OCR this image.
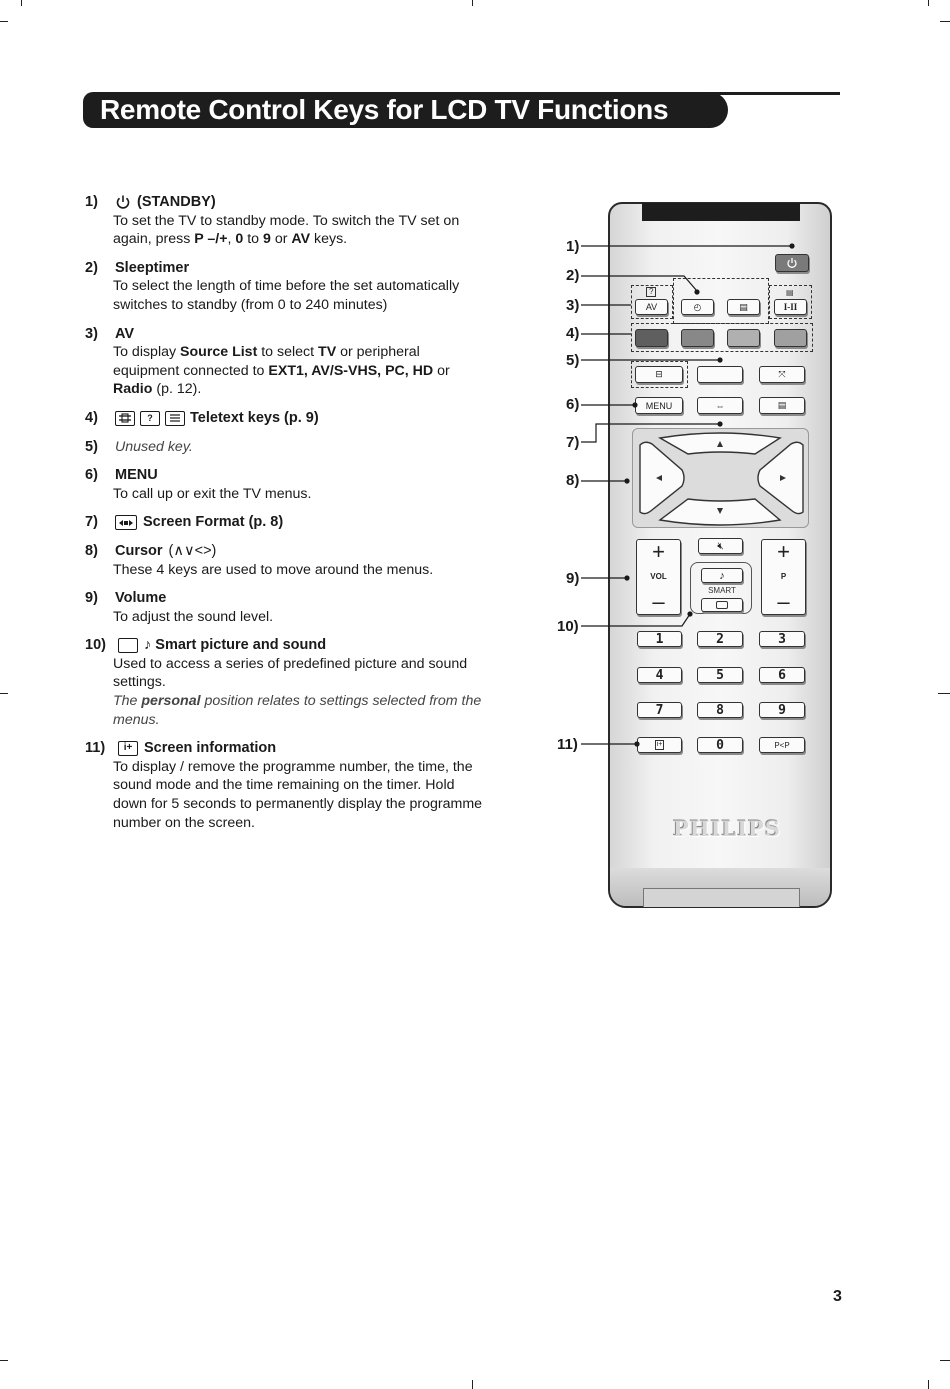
Remote Control Keys for LCD TV Functions
1)	(STANDBY)
To set the TV to standby mode. To switch the TV set on again, press P –/+, 0 to 9 or AV keys.
2) Sleeptimer
To select the length of time before the set automatically switches to standby (from 0 to 240 minutes)
3) AV
To display Source List to select TV or peripheral equipment connected to EXT1, AV/S-VHS, PC, HD or Radio (p. 12).
4)	?	Teletext keys (p. 9)
5)	Unused key.
6) MENU
To call up or exit the TV menus.
7)	Screen Format (p. 8)
8) Cursor (∧∨<>)
These 4 keys are used to move around the menus.
9) Volume
To adjust the sound level.
10)	♪ Smart picture and sound
Used to access a series of predefined picture and sound settings.
The personal position relates to settings selected from the menus.
11)	i+ Screen information
To display / remove the programme number, the time, the sound mode and the time remaining on the timer. Hold down for 5 seconds to permanently display the programme number on the screen.
?	▤
AV	◴	▤	I-II
⊟	⤧
MENU	⇔	▤
+
VOL
–
+
P
–
🔇︎
♪
SMART
1	2	3
4	5	6
7	8	9
i+	0	P<P
PHILIPS
1)
2)
3)
4)
5)
6)
7)
8)
9)
10)
11)
3
